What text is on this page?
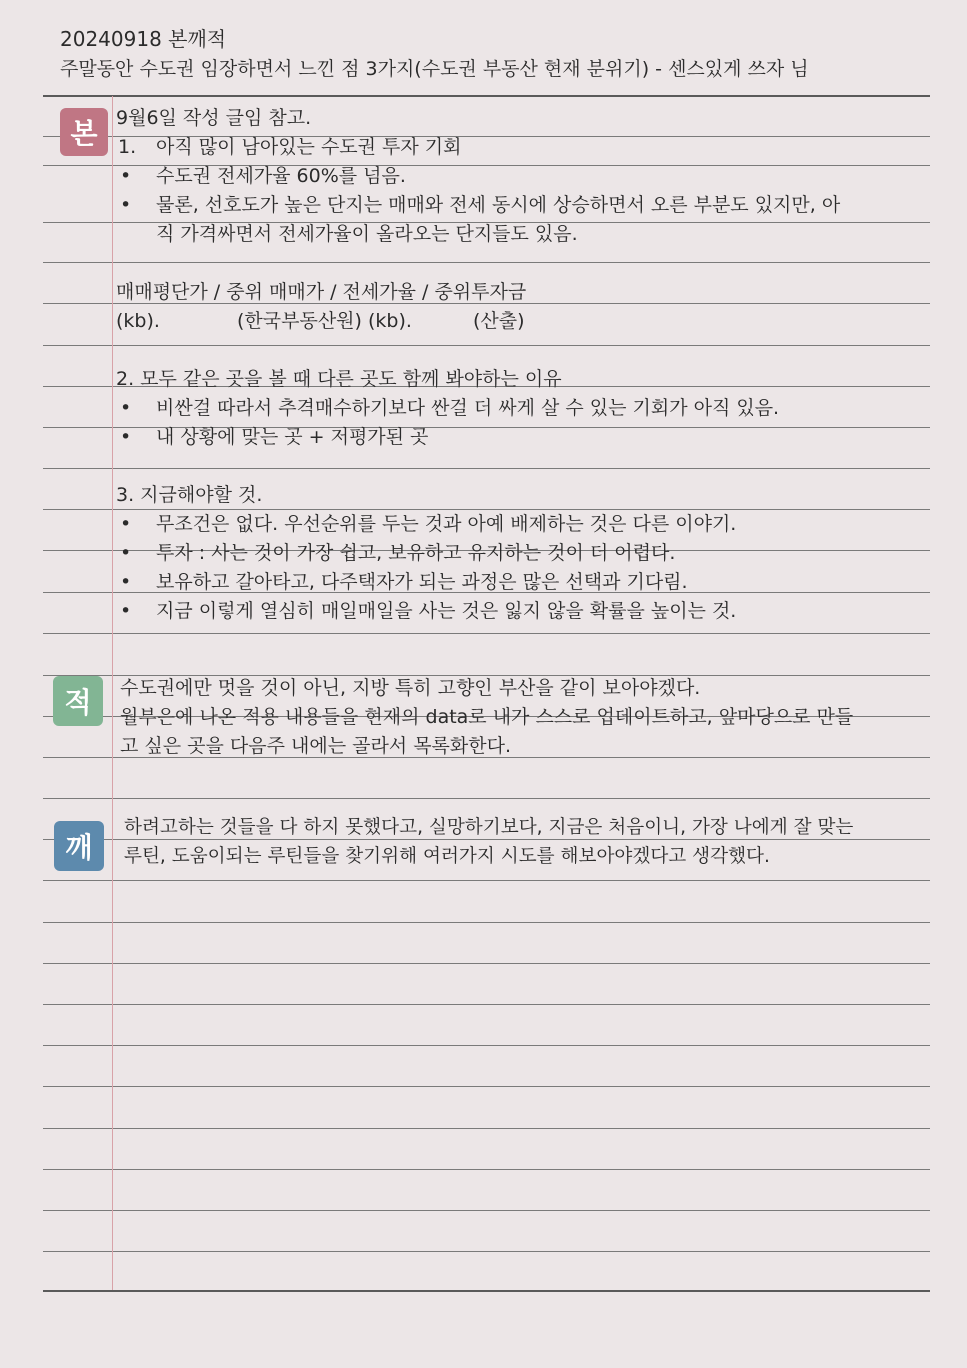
20240918 본깨적
주말동안 수도권 임장하면서 느낀 점 3가지(수도권 부동산 현재 분위기) - 센스있게 쓰자 님
본 9월6일 작성 글임 참고.
1.	아직 많이 남아있는 수도권 투자 기회
•	수도권 전세가율 60%를 넘음.
•	물론, 선호도가 높은 단지는 매매와 전세 동시에 상승하면서 오른 부분도 있지만, 아
직 가격싸면서 전세가율이 올라오는 단지들도 있음.
매매평단가 / 중위 매매가 / 전세가율 / 중위투자금
(kb).	(한국부동산원) (kb).	(산출)
2. 모두 같은 곳을 볼 때 다른 곳도 함께 봐야하는 이유
•	비싼걸 따라서 추격매수하기보다 싼걸 더 싸게 살 수 있는 기회가 아직 있음.
•	내 상황에 맞는 곳 + 저평가된 곳
3. 지금해야할 것.
•	무조건은 없다. 우선순위를 두는 것과 아예 배제하는 것은 다른 이야기.
•	투자 : 사는 것이 가장 쉽고, 보유하고 유지하는 것이 더 어렵다.
•	보유하고 갈아타고, 다주택자가 되는 과정은 많은 선택과 기다림.
•	지금 이렇게 열심히 매일매일을 사는 것은 잃지 않을 확률을 높이는 것.
적	수도권에만 멋을 것이 아닌, 지방 특히 고향인 부산을 같이 보아야겠다.
월부은에 나온 적용 내용들을 현재의 data로 내가 스스로 업데이트하고, 앞마당으로 만들
고 싶은 곳을 다음주 내에는 골라서 목록화한다.
깨
하려고하는 것들을 다 하지 못했다고, 실망하기보다, 지금은 처음이니, 가장 나에게 잘 맞는
루틴, 도움이되는 루틴들을 찾기위해 여러가지 시도를 해보아야겠다고 생각했다.
